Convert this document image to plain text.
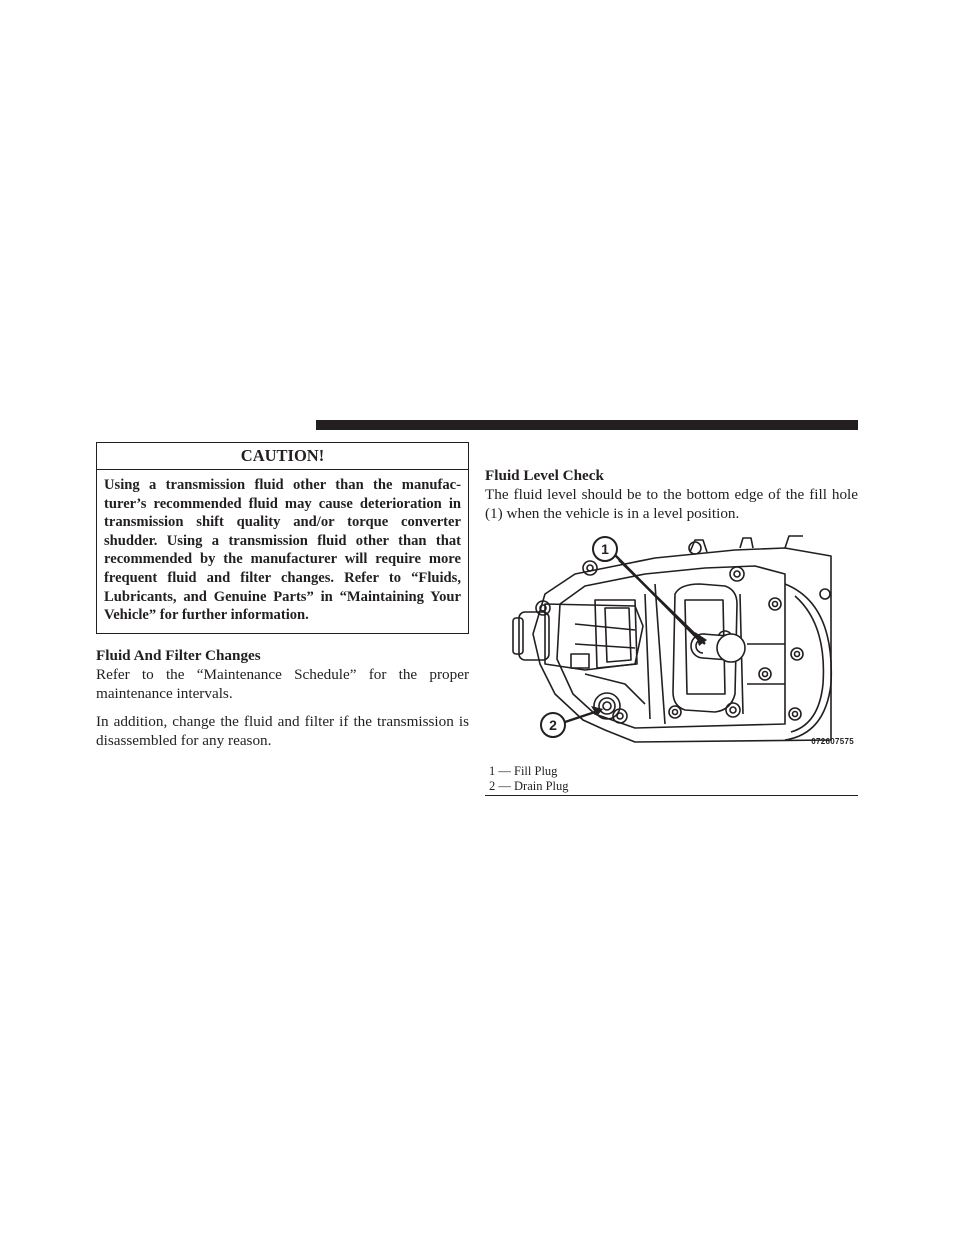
CAUTION!
Using a transmission fluid other than the manufac-turer’s recommended fluid may cause deterioration in transmission shift quality and/or torque converter shudder. Using a transmission fluid other than that recommended by the manufacturer will require more frequent fluid and filter changes. Refer to “Fluids, Lubricants, and Genuine Parts” in “Maintaining Your Vehicle” for further information.
Fluid And Filter Changes

Refer to the “Maintenance Schedule” for the proper maintenance intervals.

In addition, change the fluid and filter if the transmission is disassembled for any reason.

Fluid Level Check

The fluid level should be to the bottom edge of the fill hole (1) when the vehicle is in a level position.

1
2
072607575
1 — Fill Plug
2 — Drain Plug
